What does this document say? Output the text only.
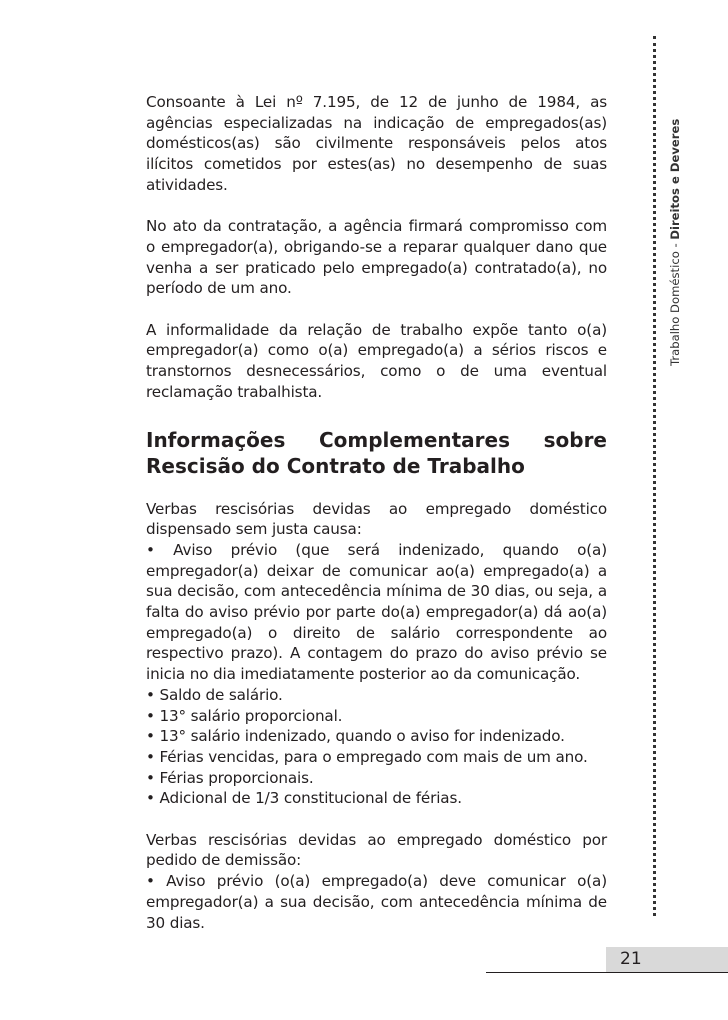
Trabalho Doméstico - Direitos e Deveres

Consoante à Lei nº 7.195, de 12 de junho de 1984, as agências especializadas na indicação de empregados(as) domésticos(as) são civilmente responsáveis pelos atos ilícitos cometidos por estes(as) no desempenho de suas atividades.

No ato da contratação, a agência firmará compromisso com o empregador(a), obrigando-se a reparar qualquer dano que venha a ser praticado pelo empregado(a) contratado(a), no período de um ano.

A informalidade da relação de trabalho expõe tanto o(a) empregador(a) como o(a) empregado(a) a sérios riscos e transtornos desnecessários, como o de uma eventual reclamação trabalhista.

Informações Complementares sobre Rescisão do Contrato de Trabalho

Verbas rescisórias devidas ao empregado doméstico dispensado sem justa causa:

• Aviso prévio (que será indenizado, quando o(a) empregador(a) deixar de comunicar ao(a) empregado(a) a sua decisão, com antecedência mínima de 30 dias, ou seja, a falta do aviso prévio por parte do(a) empregador(a) dá ao(a) empregado(a) o direito de salário correspondente ao respectivo prazo). A contagem do prazo do aviso prévio se inicia no dia imediatamente posterior ao da comunicação.

• Saldo de salário.

• 13° salário proporcional.

• 13° salário indenizado, quando o aviso for indenizado.

• Férias vencidas, para o empregado com mais de um ano.

• Férias proporcionais.

• Adicional de 1/3 constitucional de férias.

Verbas rescisórias devidas ao empregado doméstico por pedido de demissão:

• Aviso prévio (o(a) empregado(a) deve comunicar o(a) empregador(a) a sua decisão, com antecedência mínima de 30 dias.

21
